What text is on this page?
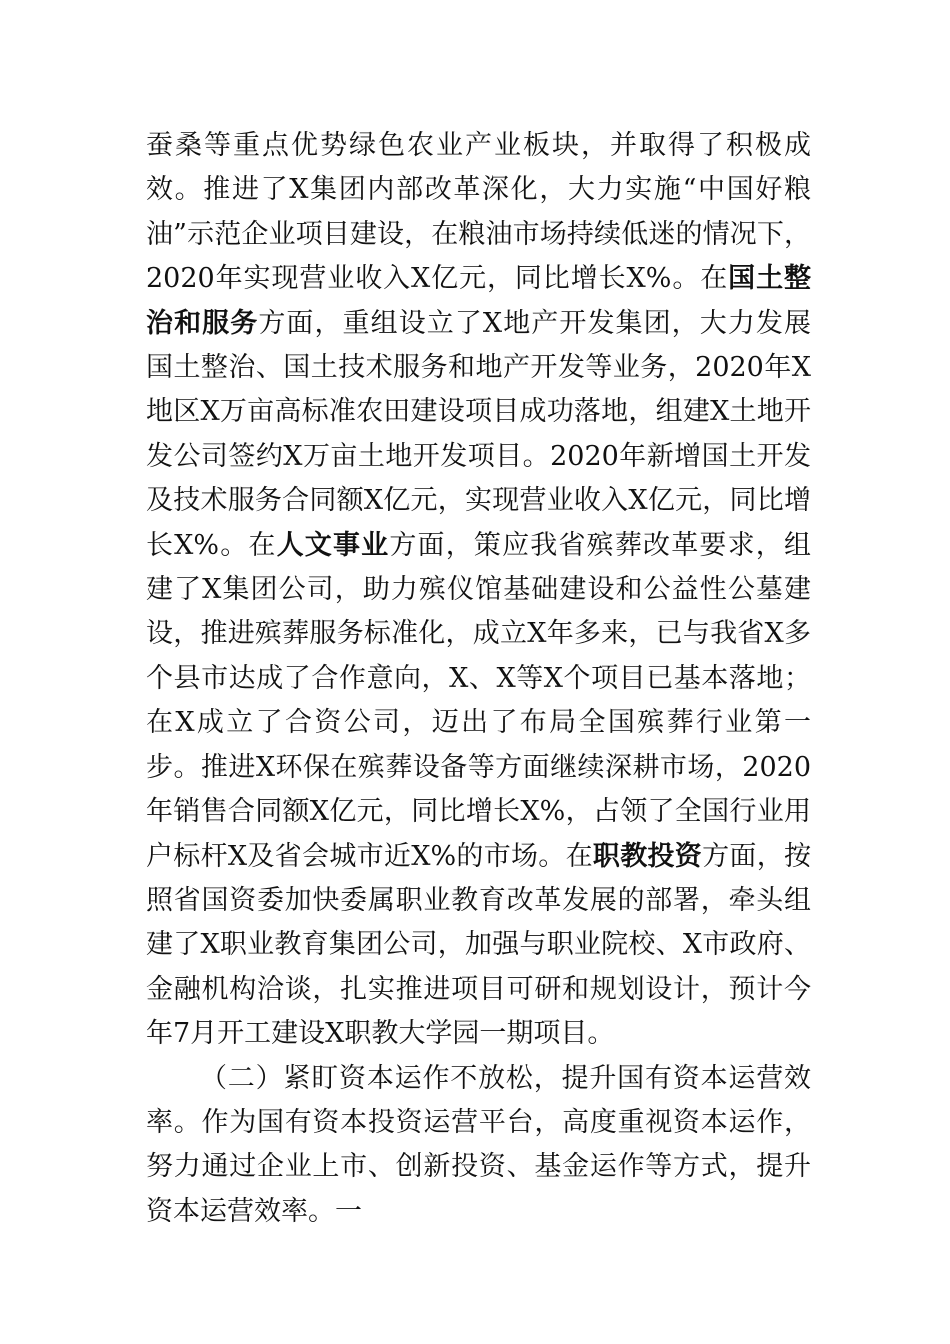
蚕桑等重点优势绿色农业产业板块，并取得了积极成效。推进了X集团内部改革深化，大力实施“中国好粮油”示范企业项目建设，在粮油市场持续低迷的情况下，2020年实现营业收入X亿元，同比增长X%。在国土整治和服务方面，重组设立了X地产开发集团，大力发展国土整治、国土技术服务和地产开发等业务，2020年X地区X万亩高标准农田建设项目成功落地，组建X土地开发公司签约X万亩土地开发项目。2020年新增国土开发及技术服务合同额X亿元，实现营业收入X亿元，同比增长X%。在人文事业方面，策应我省殡葬改革要求，组建了X集团公司，助力殡仪馆基础建设和公益性公墓建设，推进殡葬服务标准化，成立X年多来，已与我省X多个县市达成了合作意向，X、X等X个项目已基本落地；在X成立了合资公司，迈出了布局全国殡葬行业第一步。推进X环保在殡葬设备等方面继续深耕市场，2020年销售合同额X亿元，同比增长X%，占领了全国行业用户标杆X及省会城市近X%的市场。在职教投资方面，按照省国资委加快委属职业教育改革发展的部署，牵头组建了X职业教育集团公司，加强与职业院校、X市政府、金融机构洽谈，扎实推进项目可研和规划设计，预计今年7月开工建设X职教大学园一期项目。

（二）紧盯资本运作不放松，提升国有资本运营效率。作为国有资本投资运营平台，高度重视资本运作，努力通过企业上市、创新投资、基金运作等方式，提升资本运营效率。一
